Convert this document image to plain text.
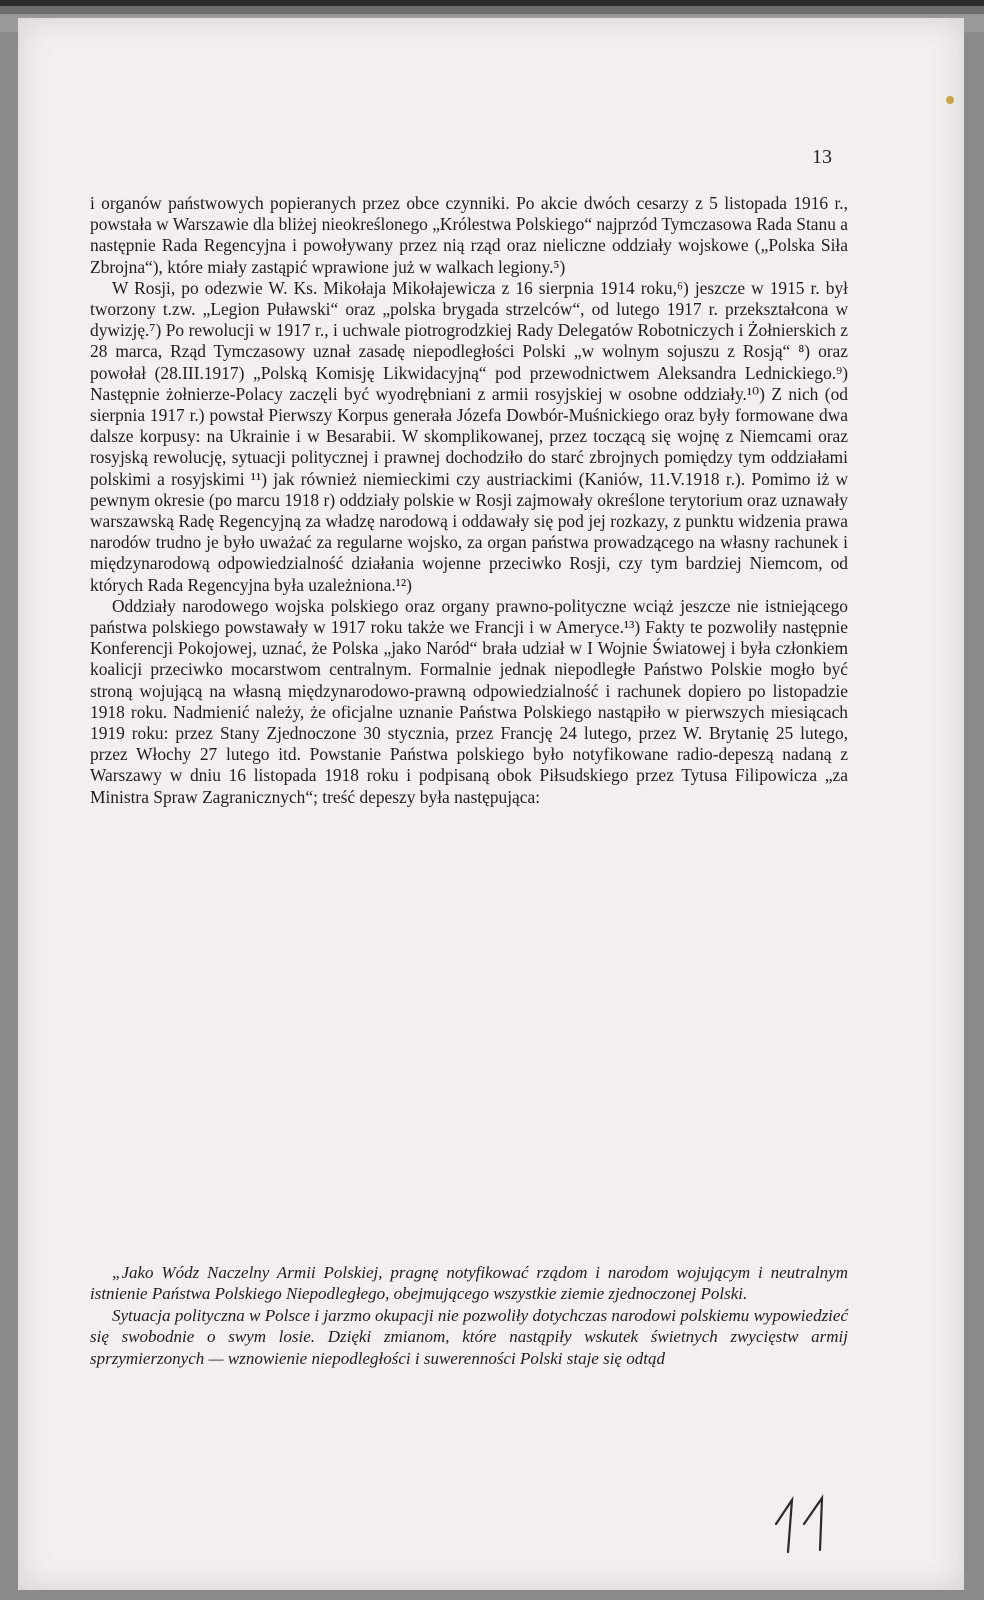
13

i organów państwowych popieranych przez obce czynniki. Po akcie dwóch cesarzy z 5 listopada 1916 r., powstała w Warszawie dla bliżej nieokreślonego „Królestwa Polskiego“ najprzód Tymczasowa Rada Stanu a następnie Rada Regencyjna i powoływany przez nią rząd oraz nieliczne oddziały wojskowe („Polska Siła Zbrojna“), które miały zastąpić wprawione już w walkach legiony.⁵)

W Rosji, po odezwie W. Ks. Mikołaja Mikołajewicza z 16 sierpnia 1914 roku,⁶) jeszcze w 1915 r. był tworzony t.zw. „Legion Puławski“ oraz „polska brygada strzelców“, od lutego 1917 r. przekształcona w dywizję.⁷) Po rewolucji w 1917 r., i uchwale piotrogrodzkiej Rady Delegatów Robotniczych i Żołnierskich z 28 marca, Rząd Tymczasowy uznał zasadę niepodległości Polski „w wolnym sojuszu z Rosją“ ⁸) oraz powołał (28.III.1917) „Polską Komisję Likwidacyjną“ pod przewodnictwem Aleksandra Lednickiego.⁹) Następnie żołnierze-Polacy zaczęli być wyodrębniani z armii rosyjskiej w osobne oddziały.¹⁰) Z nich (od sierpnia 1917 r.) powstał Pierwszy Korpus generała Józefa Dowbór-Muśnickiego oraz były formowane dwa dalsze korpusy: na Ukrainie i w Besarabii. W skomplikowanej, przez toczącą się wojnę z Niemcami oraz rosyjską rewolucję, sytuacji politycznej i prawnej dochodziło do starć zbrojnych pomiędzy tym oddziałami polskimi a rosyjskimi ¹¹) jak również niemieckimi czy austriackimi (Kaniów, 11.V.1918 r.). Pomimo iż w pewnym okresie (po marcu 1918 r) oddziały polskie w Rosji zajmowały określone terytorium oraz uznawały warszawską Radę Regencyjną za władzę narodową i oddawały się pod jej rozkazy, z punktu widzenia prawa narodów trudno je było uważać za regularne wojsko, za organ państwa prowadzącego na własny rachunek i międzynarodową odpowiedzialność działania wojenne przeciwko Rosji, czy tym bardziej Niemcom, od których Rada Regencyjna była uzależniona.¹²)

Oddziały narodowego wojska polskiego oraz organy prawno-polityczne wciąż jeszcze nie istniejącego państwa polskiego powstawały w 1917 roku także we Francji i w Ameryce.¹³) Fakty te pozwoliły następnie Konferencji Pokojowej, uznać, że Polska „jako Naród“ brała udział w I Wojnie Światowej i była członkiem koalicji przeciwko mocarstwom centralnym. Formalnie jednak niepodległe Państwo Polskie mogło być stroną wojującą na własną międzynarodowo-prawną odpowiedzialność i rachunek dopiero po listopadzie 1918 roku. Nadmienić należy, że oficjalne uznanie Państwa Polskiego nastąpiło w pierwszych miesiącach 1919 roku: przez Stany Zjednoczone 30 stycznia, przez Francję 24 lutego, przez W. Brytanię 25 lutego, przez Włochy 27 lutego itd. Powstanie Państwa polskiego było notyfikowane radio-depeszą nadaną z Warszawy w dniu 16 listopada 1918 roku i podpisaną obok Piłsudskiego przez Tytusa Filipowicza „za Ministra Spraw Zagranicznych“; treść depeszy była następująca:

„Jako Wódz Naczelny Armii Polskiej, pragnę notyfikować rządom i narodom wojującym i neutralnym istnienie Państwa Polskiego Niepodległego, obejmującego wszystkie ziemie zjednoczonej Polski.

Sytuacja polityczna w Polsce i jarzmo okupacji nie pozwoliły dotychczas narodowi polskiemu wypowiedzieć się swobodnie o swym losie. Dzięki zmianom, które nastąpiły wskutek świetnych zwycięstw armij sprzymierzonych — wznowienie niepodległości i suwerenności Polski staje się odtąd
